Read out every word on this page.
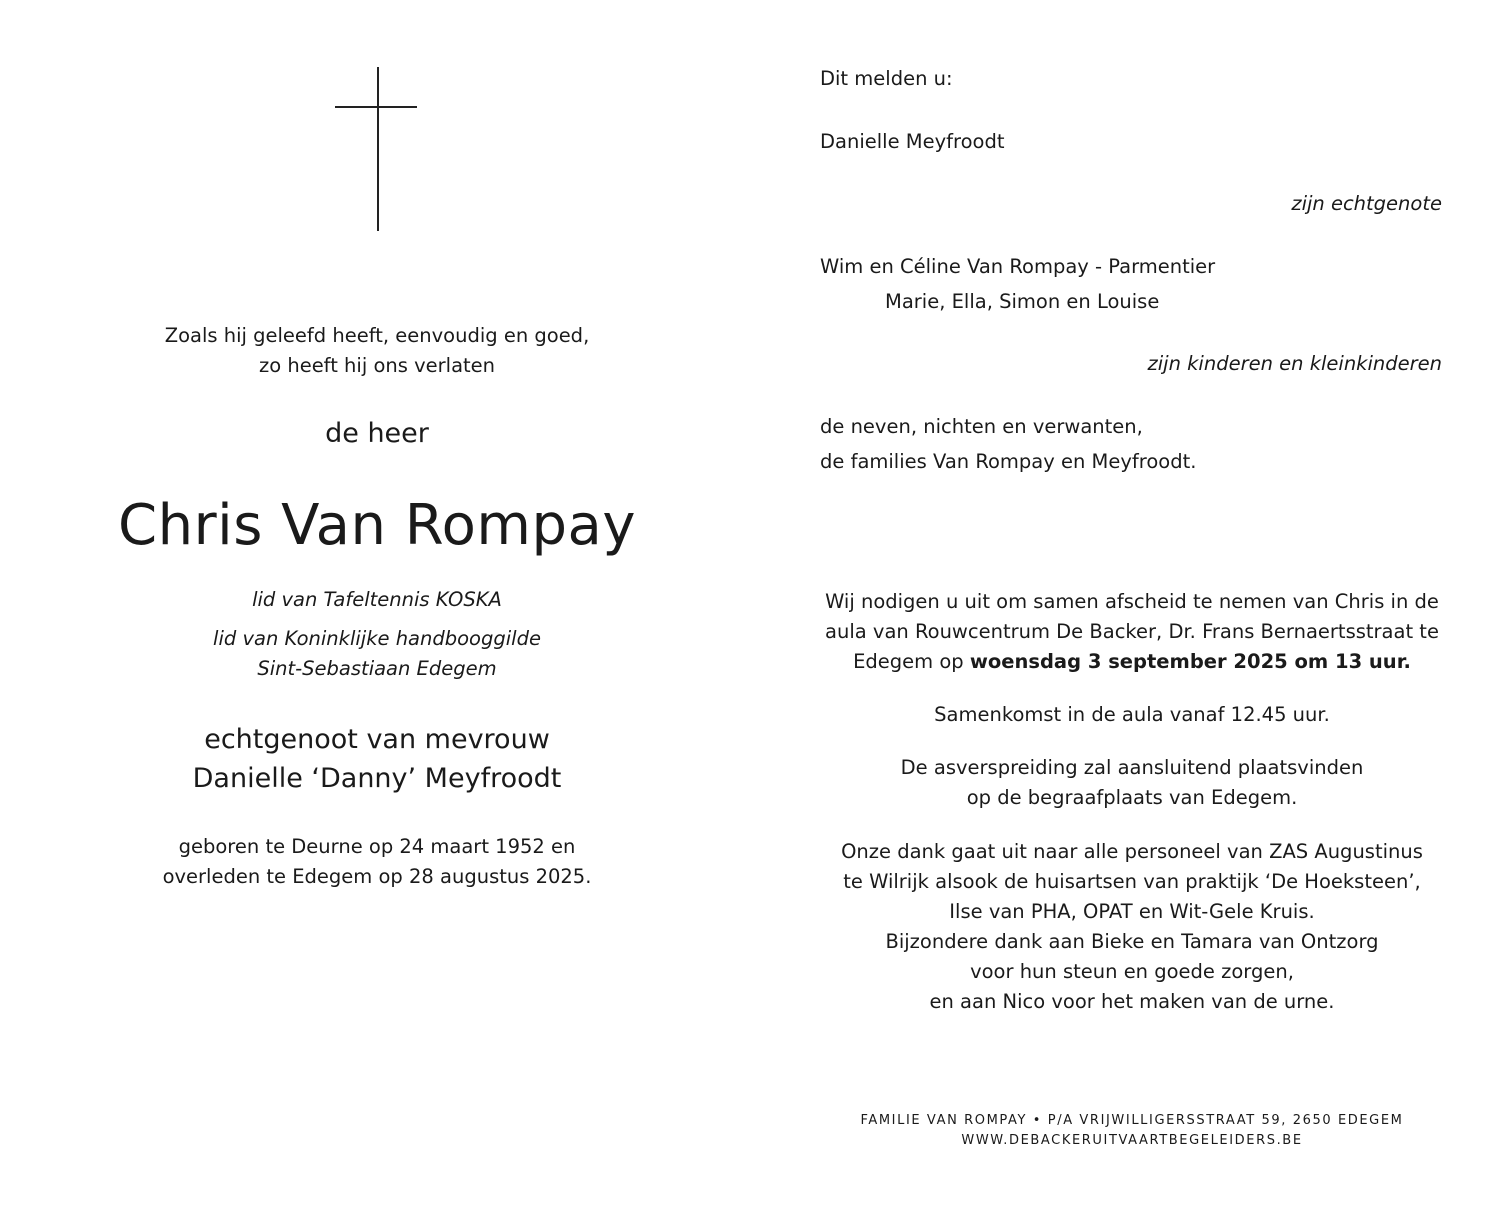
Zoals hij geleefd heeft, eenvoudig en goed,
zo heeft hij ons verlaten
de heer
Chris Van Rompay
lid van Tafeltennis KOSKA
lid van Koninklijke handbooggilde
Sint-Sebastiaan Edegem
echtgenoot van mevrouw
Danielle ‘Danny’ Meyfroodt
geboren te Deurne op 24 maart 1952 en
overleden te Edegem op 28 augustus 2025.
Dit melden u:
Danielle Meyfroodt
zijn echtgenote
Wim en Céline Van Rompay - Parmentier
Marie, Ella, Simon en Louise
zijn kinderen en kleinkinderen
de neven, nichten en verwanten,
de families Van Rompay en Meyfroodt.
Wij nodigen u uit om samen afscheid te nemen van Chris in de
aula van Rouwcentrum De Backer, Dr. Frans Bernaertsstraat te
Edegem op woensdag 3 september 2025 om 13 uur.
Samenkomst in de aula vanaf 12.45 uur.
De asverspreiding zal aansluitend plaatsvinden
op de begraafplaats van Edegem.
Onze dank gaat uit naar alle personeel van ZAS Augustinus
te Wilrijk alsook de huisartsen van praktijk ‘De Hoeksteen’,
Ilse van PHA, OPAT en Wit-Gele Kruis.
Bijzondere dank aan Bieke en Tamara van Ontzorg
voor hun steun en goede zorgen,
en aan Nico voor het maken van de urne.
FAMILIE VAN ROMPAY • P/A VRIJWILLIGERSSTRAAT 59, 2650 EDEGEM
WWW.DEBACKERUITVAARTBEGELEIDERS.BE
